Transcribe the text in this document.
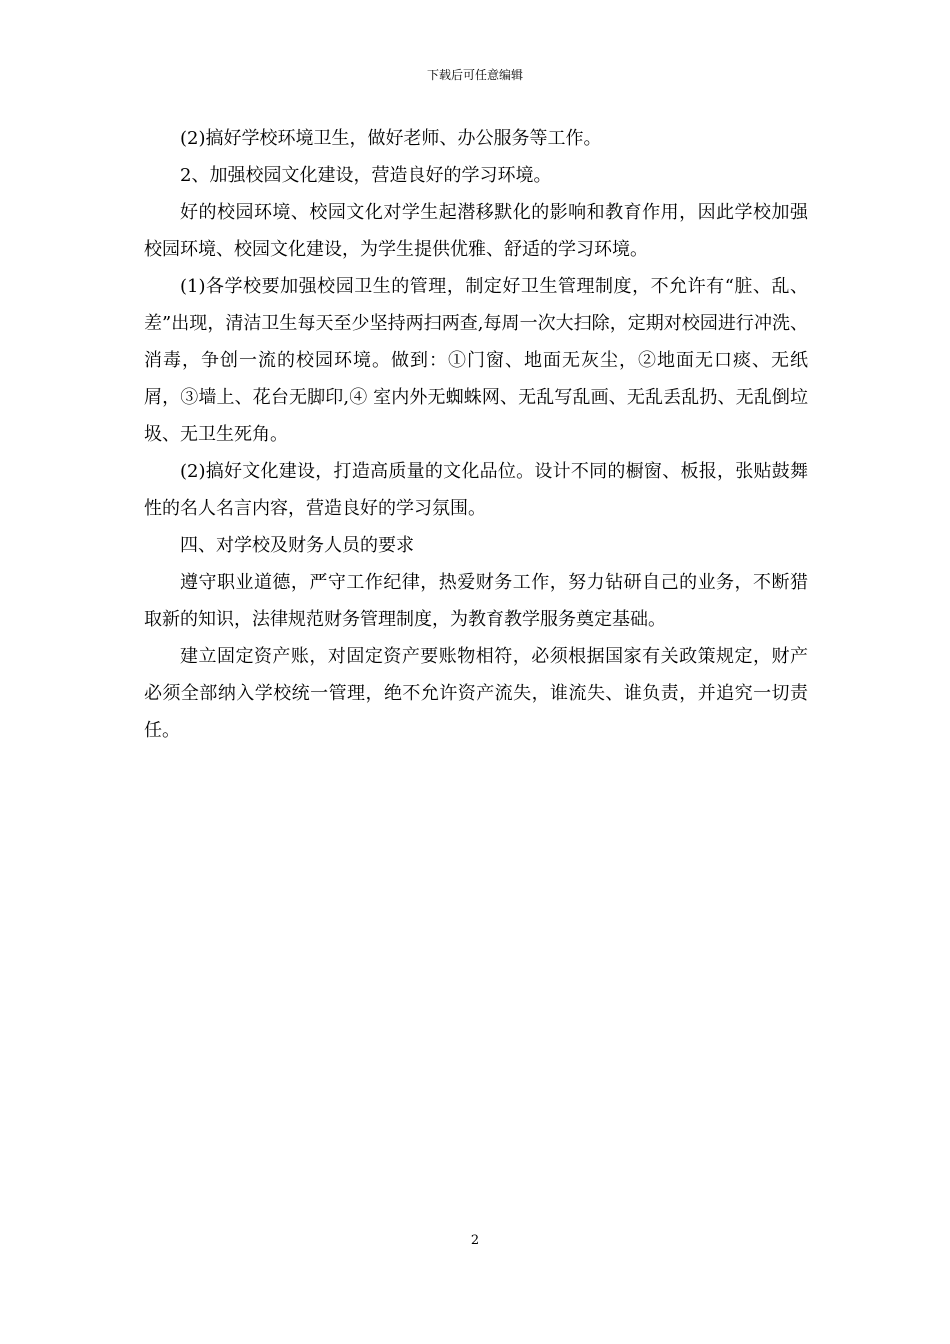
下载后可任意编辑

(2)搞好学校环境卫生，做好老师、办公服务等工作。

2、加强校园文化建设，营造良好的学习环境。

好的校园环境、校园文化对学生起潜移默化的影响和教育作用，因此学校加强校园环境、校园文化建设，为学生提供优雅、舒适的学习环境。

(1)各学校要加强校园卫生的管理，制定好卫生管理制度，不允许有“脏、乱、差”出现，清洁卫生每天至少坚持两扫两查,每周一次大扫除，定期对校园进行冲洗、消毒，争创一流的校园环境。做到：①门窗、地面无灰尘，②地面无口痰、无纸屑，③墙上、花台无脚印,④ 室内外无蜘蛛网、无乱写乱画、无乱丢乱扔、无乱倒垃圾、无卫生死角。

(2)搞好文化建设，打造高质量的文化品位。设计不同的橱窗、板报，张贴鼓舞性的名人名言内容，营造良好的学习氛围。

四、对学校及财务人员的要求

遵守职业道德，严守工作纪律，热爱财务工作，努力钻研自己的业务，不断猎取新的知识，法律规范财务管理制度，为教育教学服务奠定基础。

建立固定资产账，对固定资产要账物相符，必须根据国家有关政策规定，财产必须全部纳入学校统一管理，绝不允许资产流失，谁流失、谁负责，并追究一切责任。

2
